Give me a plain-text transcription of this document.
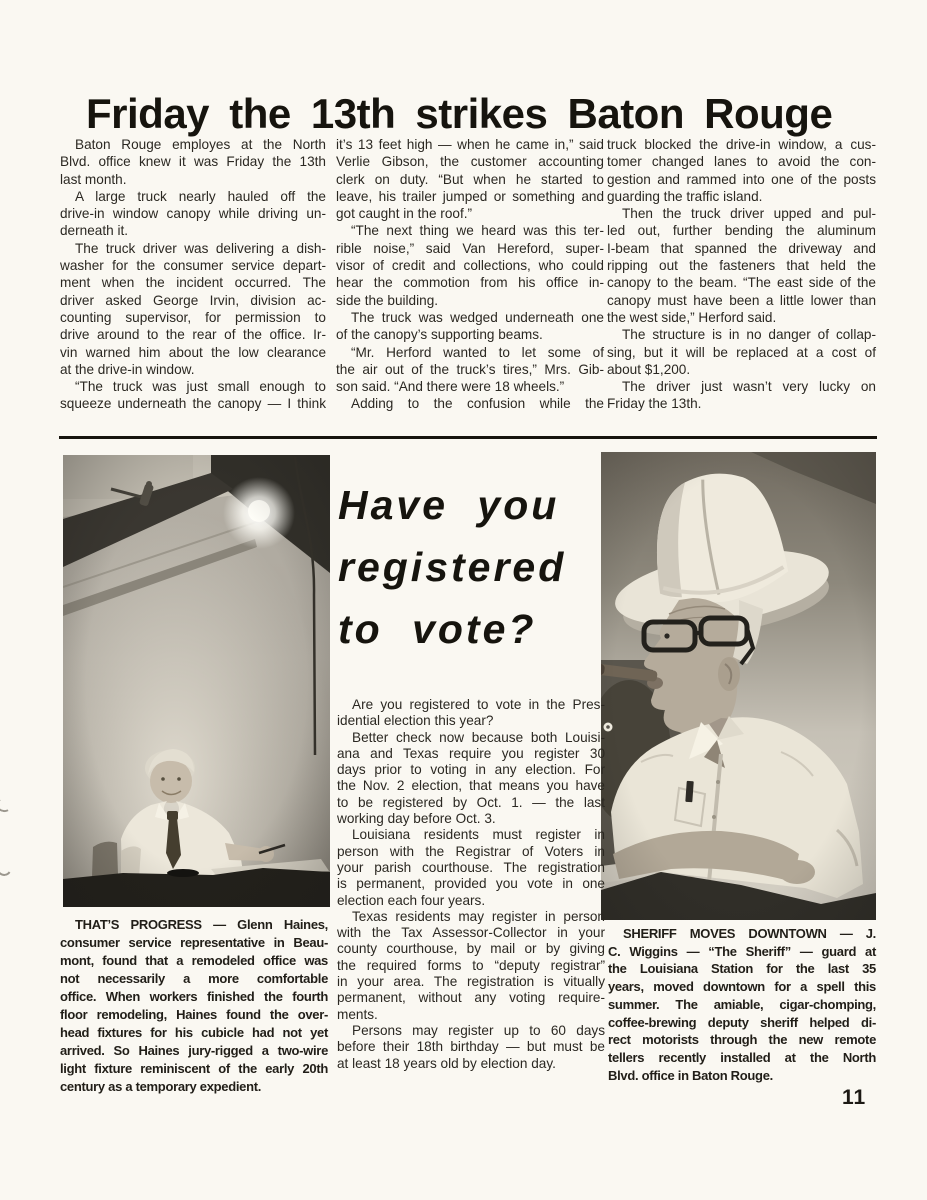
Friday the 13th strikes Baton Rouge
Baton Rouge employes at the North
Blvd. office knew it was Friday the 13th
last month.
A large truck nearly hauled off the
drive-in window canopy while driving un-
derneath it.
The truck driver was delivering a dish-
washer for the consumer service depart-
ment when the incident occurred. The
driver asked George Irvin, division ac-
counting supervisor, for permission to
drive around to the rear of the office. Ir-
vin warned him about the low clearance
at the drive-in window.
“The truck was just small enough to
squeeze underneath the canopy — I think
it’s 13 feet high — when he came in,” said
Verlie Gibson, the customer accounting
clerk on duty. “But when he started to
leave, his trailer jumped or something and
got caught in the roof.”
“The next thing we heard was this ter-
rible noise,” said Van Hereford, super-
visor of credit and collections, who could
hear the commotion from his office in-
side the building.
The truck was wedged underneath one
of the canopy’s supporting beams.
“Mr. Herford wanted to let some of
the air out of the truck’s tires,” Mrs. Gib-
son said. “And there were 18 wheels.”
Adding to the confusion while the
truck blocked the drive-in window, a cus-
tomer changed lanes to avoid the con-
gestion and rammed into one of the posts
guarding the traffic island.
Then the truck driver upped and pul-
led out, further bending the aluminum
I-beam that spanned the driveway and
ripping out the fasteners that held the
canopy to the beam. “The east side of the
canopy must have been a little lower than
the west side,” Herford said.
The structure is in no danger of collap-
sing, but it will be replaced at a cost of
about $1,200.
The driver just wasn’t very lucky on
Friday the 13th.
Have you
registered
to vote?
Are you registered to vote in the Pres-
idential election this year?
Better check now because both Louisi-
ana and Texas require you register 30
days prior to voting in any election. For
the Nov. 2 election, that means you have
to be registered by Oct. 1. — the last
working day before Oct. 3.
Louisiana residents must register in
person with the Registrar of Voters in
your parish courthouse. The registration
is permanent, provided you vote in one
election each four years.
Texas residents may register in person
with the Tax Assessor-Collector in your
county courthouse, by mail or by giving
the required forms to “deputy registrar”
in your area. The registration is vitually
permanent, without any voting require-
ments.
Persons may register up to 60 days
before their 18th birthday — but must be
at least 18 years old by election day.
THAT’S PROGRESS — Glenn Haines,
consumer service representative in Beau-
mont, found that a remodeled office was
not necessarily a more comfortable
office. When workers finished the fourth
floor remodeling, Haines found the over-
head fixtures for his cubicle had not yet
arrived. So Haines jury-rigged a two-wire
light fixture reminiscent of the early 20th
century as a temporary expedient.
SHERIFF MOVES DOWNTOWN — J.
C. Wiggins — “The Sheriff” — guard at
the Louisiana Station for the last 35
years, moved downtown for a spell this
summer. The amiable, cigar-chomping,
coffee-brewing deputy sheriff helped di-
rect motorists through the new remote
tellers recently installed at the North
Blvd. office in Baton Rouge.
11
